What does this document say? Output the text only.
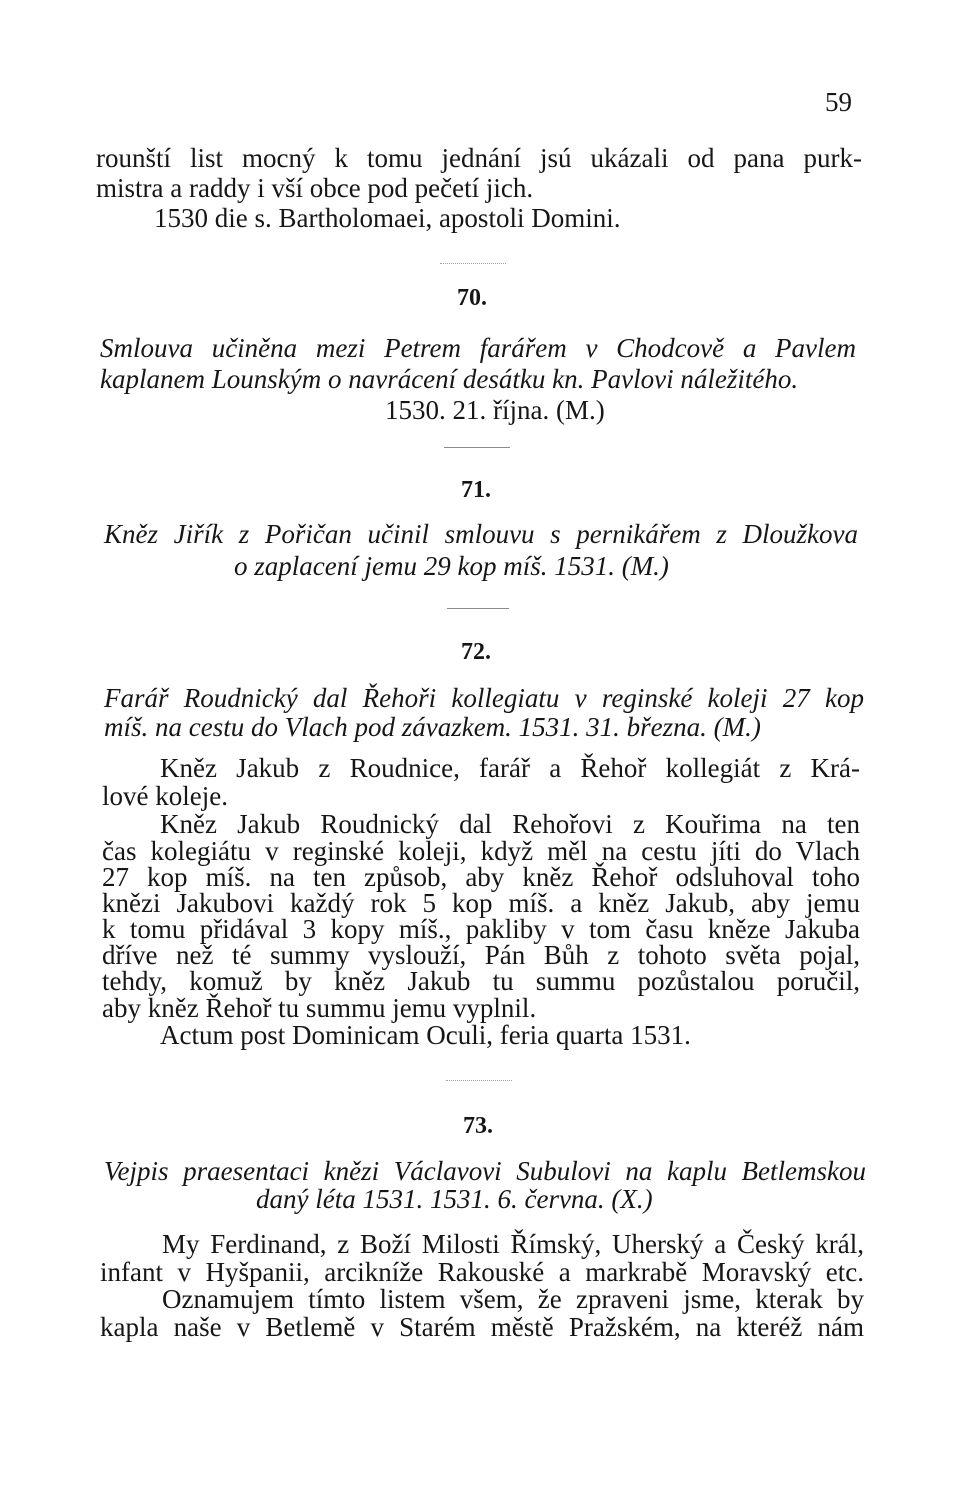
59
rounští list mocný k tomu jednání jsú ukázali od pana purk-
mistra a raddy i vší obce pod pečetí jich.
1530 die s. Bartholomaei, apostoli Domini.
70.
Smlouva učiněna mezi Petrem farářem v Chodcově a Pavlem
kaplanem Lounským o navrácení desátku kn. Pavlovi náležitého.
1530. 21. října. (M.)
71.
Kněz Jiřík z Pořičan učinil smlouvu s pernikářem z Dloužkova
o zaplacení jemu 29 kop míš. 1531. (M.)
72.
Farář Roudnický dal Řehoři kollegiatu v reginské koleji 27 kop
míš. na cestu do Vlach pod závazkem. 1531. 31. března. (M.)
Kněz Jakub z Roudnice, farář a Řehoř kollegiát z Krá-
lové koleje.
Kněz Jakub Roudnický dal Rehořovi z Kouřima na ten
čas kolegiátu v reginské koleji, když měl na cestu jíti do Vlach
27 kop míš. na ten způsob, aby kněz Řehoř odsluhoval toho
knězi Jakubovi každý rok 5 kop míš. a kněz Jakub, aby jemu
k tomu přidával 3 kopy míš., pakliby v tom času kněze Jakuba
dříve než té summy vyslouží, Pán Bůh z tohoto světa pojal,
tehdy, komuž by kněz Jakub tu summu pozůstalou poručil,
aby kněz Řehoř tu summu jemu vyplnil.
Actum post Dominicam Oculi, feria quarta 1531.
73.
Vejpis praesentaci knězi Václavovi Subulovi na kaplu Betlemskou
daný léta 1531. 1531. 6. června. (X.)
My Ferdinand, z Boží Milosti Římský, Uherský a Český král,
infant v Hyšpanii, arcikníže Rakouské a markrabě Moravský etc.
Oznamujem tímto listem všem, že zpraveni jsme, kterak by
kapla naše v Betlemě v Starém městě Pražském, na kteréž nám
